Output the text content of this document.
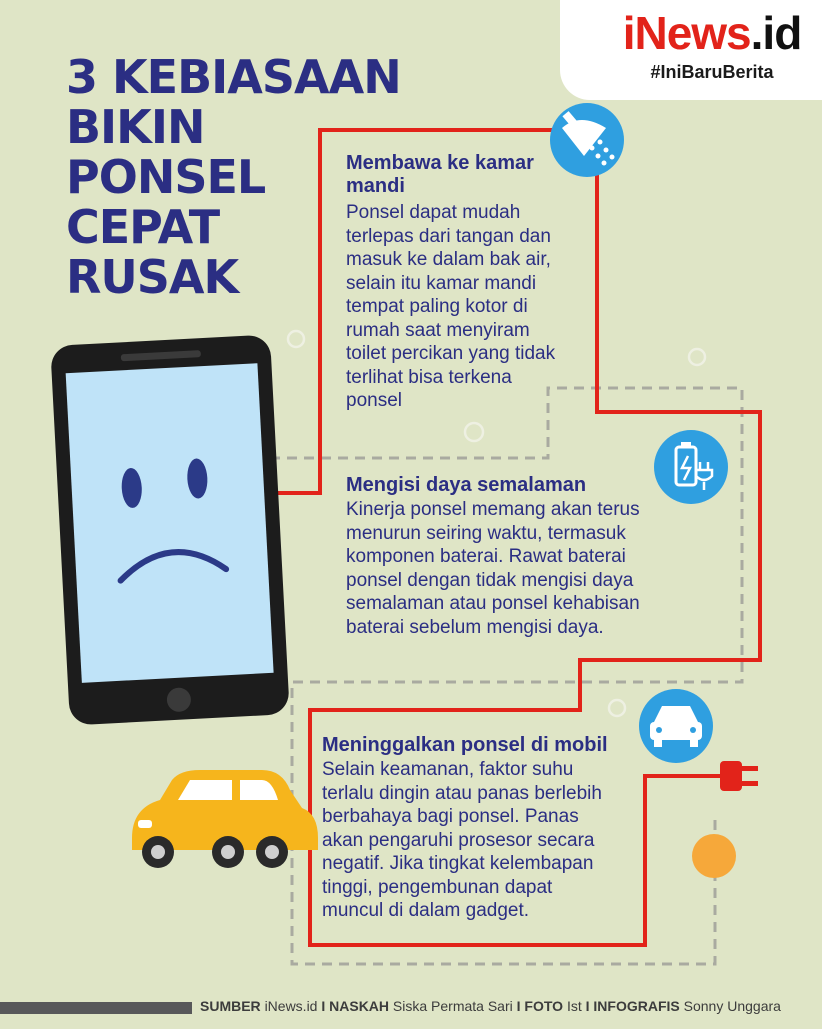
iNews.id
#IniBaruBerita
3 KEBIASAAN
BIKIN
PONSEL
CEPAT
RUSAK
Membawa ke kamar
mandi
Ponsel dapat mudah
terlepas dari tangan dan
masuk ke dalam bak air,
selain itu kamar mandi
tempat paling kotor di
rumah saat menyiram
toilet percikan yang tidak
terlihat bisa terkena
ponsel
Mengisi daya semalaman
Kinerja ponsel memang akan terus
menurun seiring waktu, termasuk
komponen baterai. Rawat baterai
ponsel dengan tidak mengisi daya
semalaman atau ponsel kehabisan
baterai sebelum mengisi daya.
Meninggalkan ponsel di mobil
Selain keamanan, faktor suhu
terlalu dingin atau panas berlebih
berbahaya bagi ponsel. Panas
akan pengaruhi prosesor secara
negatif. Jika tingkat kelembapan
tinggi, pengembunan dapat
muncul di dalam gadget.
SUMBER iNews.id I NASKAH Siska Permata Sari I FOTO Ist I INFOGRAFIS Sonny Unggara
